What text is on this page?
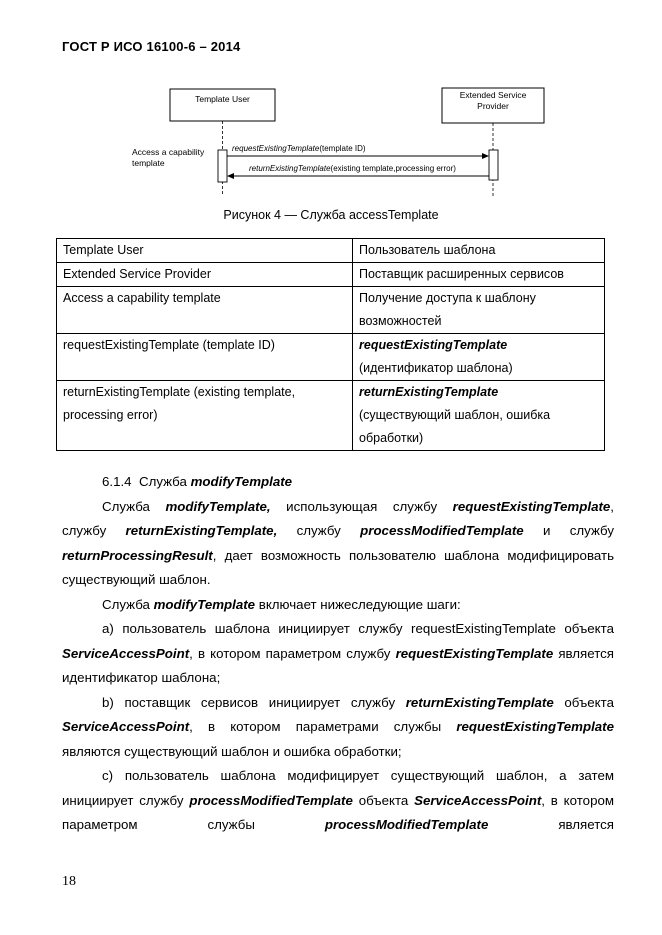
ГОСТ Р ИСО 16100-6 – 2014
Template User	Extended Service
Provider
Access a capability
template
requestExistingTemplate(template ID)
returnExistingTemplate(existing template,processing error)
Рисунок 4 — Служба accessTemplate
Template User	Пользователь шаблона
Extended Service Provider	Поставщик расширенных сервисов
Access a capability template	Получение доступа к шаблону возможностей
requestExistingTemplate (template ID)	requestExistingTemplate
(идентификатор шаблона)
returnExistingTemplate (existing template, processing error)	returnExistingTemplate
(существующий шаблон, ошибка обработки)

6.1.4 Служба modifyTemplate

Служба modifyTemplate, использующая службу requestExistingTemplate, службу returnExistingTemplate, службу processModifiedTemplate и службу returnProcessingResult, дает возможность пользователю шаблона модифицировать существующий шаблон.

Служба modifyTemplate включает нижеследующие шаги:

a) пользователь шаблона инициирует службу requestExistingTemplate объекта ServiceAccessPoint, в котором параметром службу requestExistingTemplate является идентификатор шаблона;

b) поставщик сервисов инициирует службу returnExistingTemplate объекта ServiceAccessPoint, в котором параметрами службы requestExistingTemplate являются существующий шаблон и ошибка обработки;

c) пользователь шаблона модифицирует существующий шаблон, а затем инициирует службу processModifiedTemplate объекта ServiceAccessPoint, в котором параметром службы processModifiedTemplate является

18
